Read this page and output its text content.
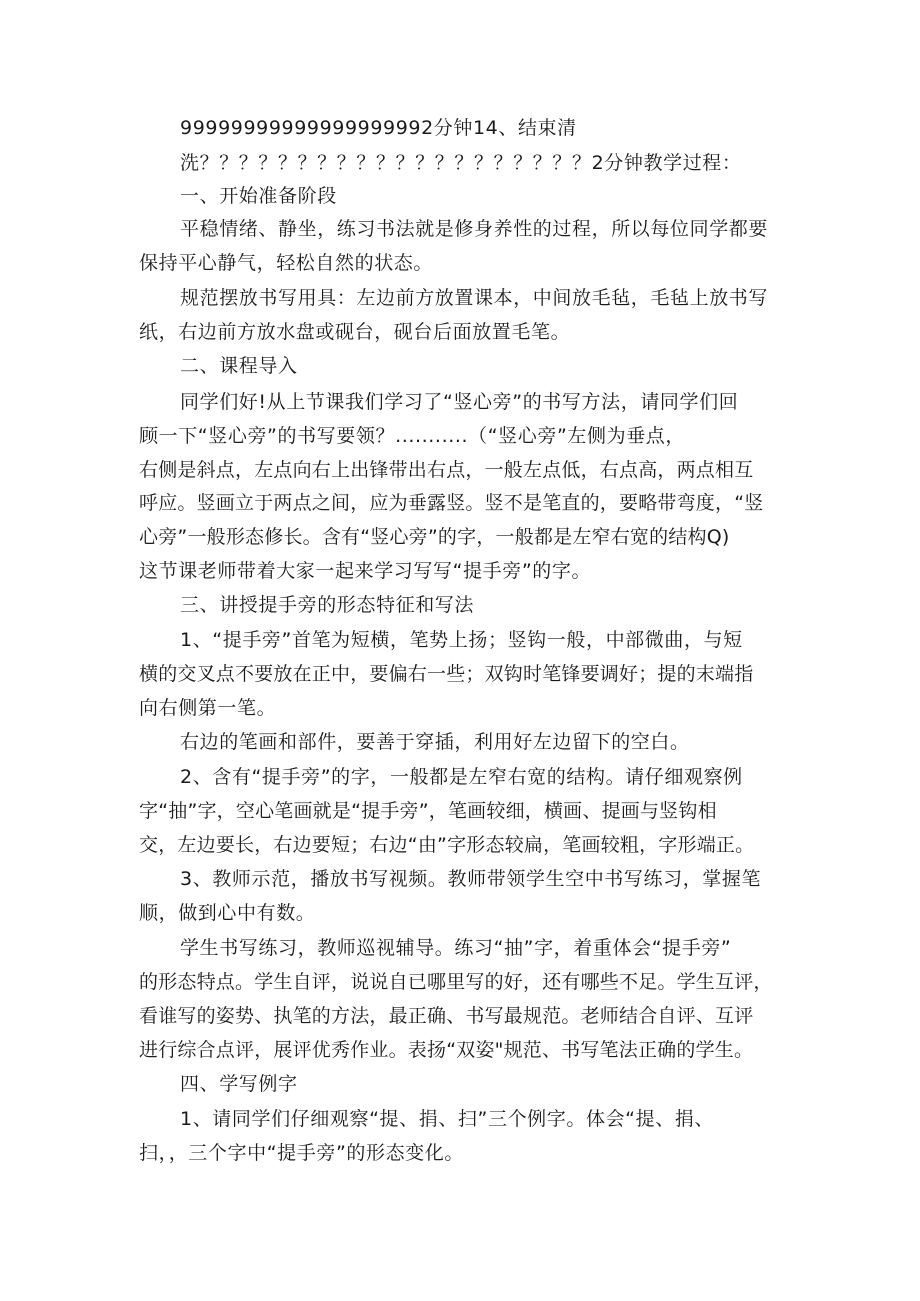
99999999999999999992分钟14、结束清
洗？？？？？？？？？？？？？？？？？？？？2分钟教学过程：
一、开始准备阶段
平稳情绪、静坐，练习书法就是修身养性的过程，所以每位同学都要
保持平心静气，轻松自然的状态。
规范摆放书写用具：左边前方放置课本，中间放毛毡，毛毡上放书写
纸，右边前方放水盘或砚台，砚台后面放置毛笔。
二、课程导入
同学们好!从上节课我们学习了“竖心旁”的书写方法，请同学们回
顾一下“竖心旁”的书写要领？...........（“竖心旁”左侧为垂点，
右侧是斜点，左点向右上出锋带出右点，一般左点低，右点高，两点相互
呼应。竖画立于两点之间，应为垂露竖。竖不是笔直的，要略带弯度，“竖
心旁”一般形态修长。含有“竖心旁”的字，一般都是左窄右宽的结构Q)
这节课老师带着大家一起来学习写写“提手旁”的字。
三、讲授提手旁的形态特征和写法
1、“提手旁”首笔为短横，笔势上扬；竖钩一般，中部微曲，与短
横的交叉点不要放在正中，要偏右一些；双钩时笔锋要调好；提的末端指
向右侧第一笔。
右边的笔画和部件，要善于穿插，利用好左边留下的空白。
2、含有“提手旁”的字，一般都是左窄右宽的结构。请仔细观察例
字“抽”字，空心笔画就是“提手旁”，笔画较细，横画、提画与竖钩相
交，左边要长，右边要短；右边“由”字形态较扁，笔画较粗，字形端正。
3、教师示范，播放书写视频。教师带领学生空中书写练习，掌握笔
顺，做到心中有数。
学生书写练习，教师巡视辅导。练习“抽”字，着重体会“提手旁”
的形态特点。学生自评，说说自已哪里写的好，还有哪些不足。学生互评，
看谁写的姿势、执笔的方法，最正确、书写最规范。老师结合自评、互评
进行综合点评，展评优秀作业。表扬“双姿"规范、书写笔法正确的学生。
四、学写例字
1、请同学们仔细观察“提、捐、扫”三个例字。体会“提、捐、
扫，，三个字中“提手旁”的形态变化。
